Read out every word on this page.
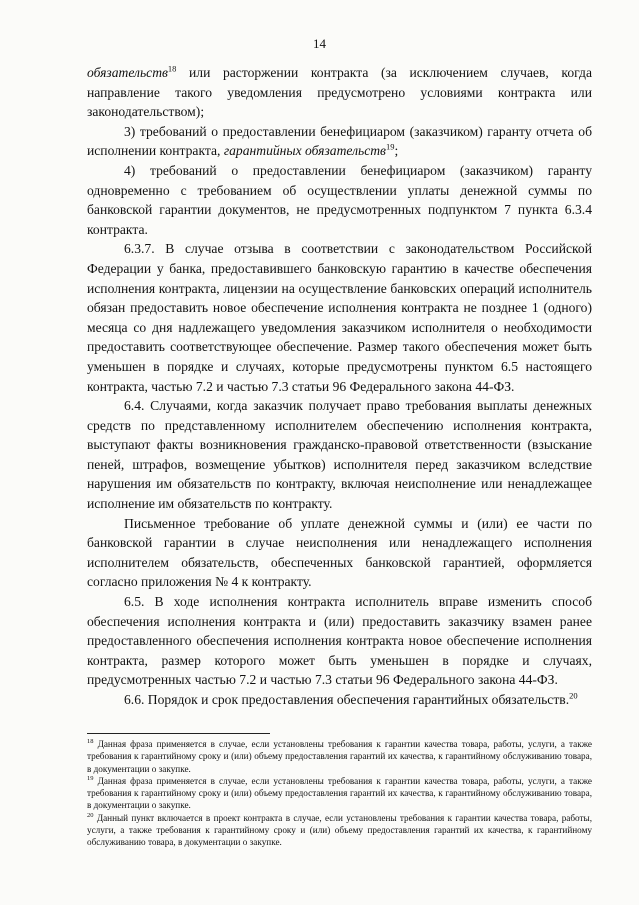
14

обязательств$^{18}$ или расторжении контракта (за исключением случаев, когда направление такого уведомления предусмотрено условиями контракта или законодательством);

3) требований о предоставлении бенефициаром (заказчиком) гаранту отчета об исполнении контракта, гарантийных обязательств$^{19}$;

4) требований о предоставлении бенефициаром (заказчиком) гаранту одновременно с требованием об осуществлении уплаты денежной суммы по банковской гарантии документов, не предусмотренных подпунктом 7 пункта 6.3.4 контракта.

6.3.7. В случае отзыва в соответствии с законодательством Российской Федерации у банка, предоставившего банковскую гарантию в качестве обеспечения исполнения контракта, лицензии на осуществление банковских операций исполнитель обязан предоставить новое обеспечение исполнения контракта не позднее 1 (одного) месяца со дня надлежащего уведомления заказчиком исполнителя о необходимости предоставить соответствующее обеспечение. Размер такого обеспечения может быть уменьшен в порядке и случаях, которые предусмотрены пунктом 6.5 настоящего контракта, частью 7.2 и частью 7.3 статьи 96 Федерального закона 44-ФЗ.

6.4. Случаями, когда заказчик получает право требования выплаты денежных средств по представленному исполнителем обеспечению исполнения контракта, выступают факты возникновения гражданско-правовой ответственности (взыскание пеней, штрафов, возмещение убытков) исполнителя перед заказчиком вследствие нарушения им обязательств по контракту, включая неисполнение или ненадлежащее исполнение им обязательств по контракту.

Письменное требование об уплате денежной суммы и (или) ее части по банковской гарантии в случае неисполнения или ненадлежащего исполнения исполнителем обязательств, обеспеченных банковской гарантией, оформляется согласно приложения № 4 к контракту.

6.5. В ходе исполнения контракта исполнитель вправе изменить способ обеспечения исполнения контракта и (или) предоставить заказчику взамен ранее предоставленного обеспечения исполнения контракта новое обеспечение исполнения контракта, размер которого может быть уменьшен в порядке и случаях, предусмотренных частью 7.2 и частью 7.3 статьи 96 Федерального закона 44-ФЗ.

6.6. Порядок и срок предоставления обеспечения гарантийных обязательств.$^{20}$

$^{18}$ Данная фраза применяется в случае, если установлены требования к гарантии качества товара, работы, услуги, а также требования к гарантийному сроку и (или) объему предоставления гарантий их качества, к гарантийному обслуживанию товара, в документации о закупке.

$^{19}$ Данная фраза применяется в случае, если установлены требования к гарантии качества товара, работы, услуги, а также требования к гарантийному сроку и (или) объему предоставления гарантий их качества, к гарантийному обслуживанию товара, в документации о закупке.

$^{20}$ Данный пункт включается в проект контракта в случае, если установлены требования к гарантии качества товара, работы, услуги, а также требования к гарантийному сроку и (или) объему предоставления гарантий их качества, к гарантийному обслуживанию товара, в документации о закупке.
